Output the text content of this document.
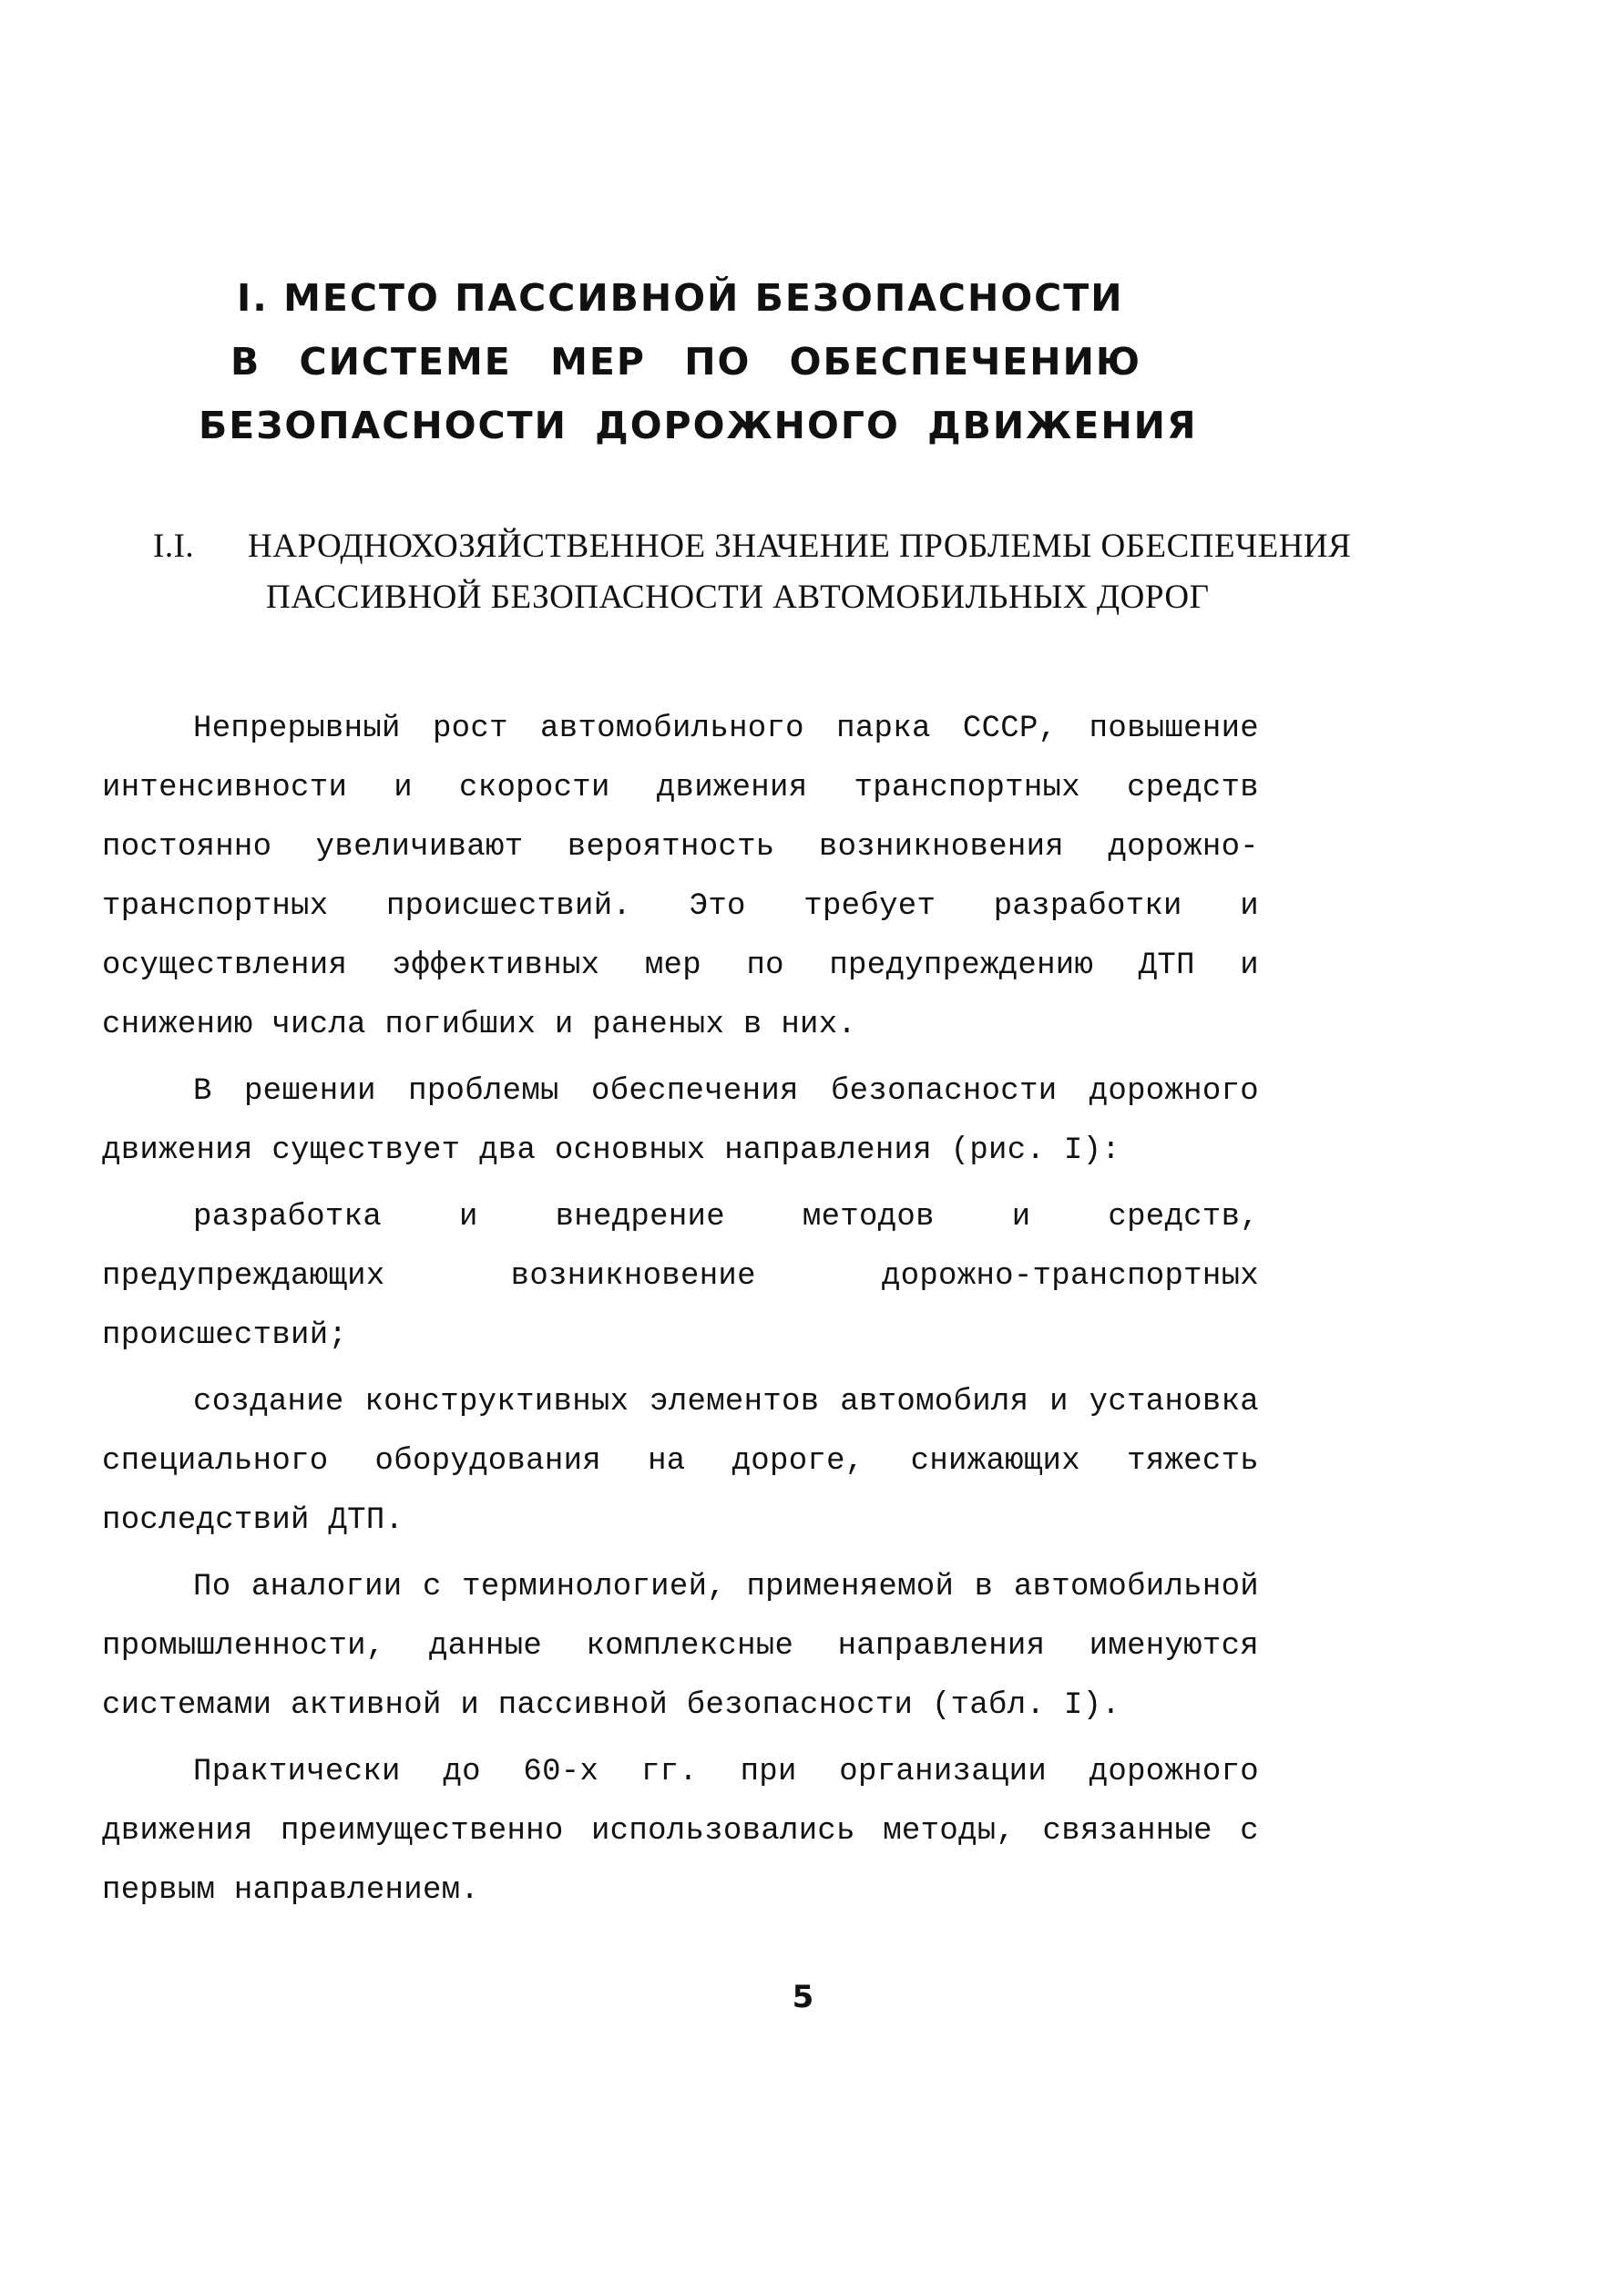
I. МЕСТО ПАССИВНОЙ БЕЗОПАСНОСТИ
В СИСТЕМЕ МЕР ПО ОБЕСПЕЧЕНИЮ
БЕЗОПАСНОСТИ ДОРОЖНОГО ДВИЖЕНИЯ
I.I. НАРОДНОХОЗЯЙСТВЕННОЕ ЗНАЧЕНИЕ ПРОБЛЕМЫ ОБЕСПЕЧЕНИЯ
ПАССИВНОЙ БЕЗОПАСНОСТИ АВТОМОБИЛЬНЫХ ДОРОГ

Непрерывный рост автомобильного парка СССР, повышение интенсивности и скорости движения транспортных средств постоянно увеличивают вероятность возникновения дорожно-транспортных происшествий. Это требует разработки и осуществления эффективных мер по предупреждению ДТП и снижению числа погибших и раненых в них.

В решении проблемы обеспечения безопасности дорожного движения существует два основных направления (рис. I):

разработка и внедрение методов и средств, предупреждающих возникновение дорожно-транспортных происшествий;

создание конструктивных элементов автомобиля и установка специального оборудования на дороге, снижающих тяжесть последствий ДТП.

По аналогии с терминологией, применяемой в автомобильной промышленности, данные комплексные направления именуются системами активной и пассивной безопасности (табл. I).

Практически до 60-х гг. при организации дорожного движения преимущественно использовались методы, связанные с первым направлением.

5
